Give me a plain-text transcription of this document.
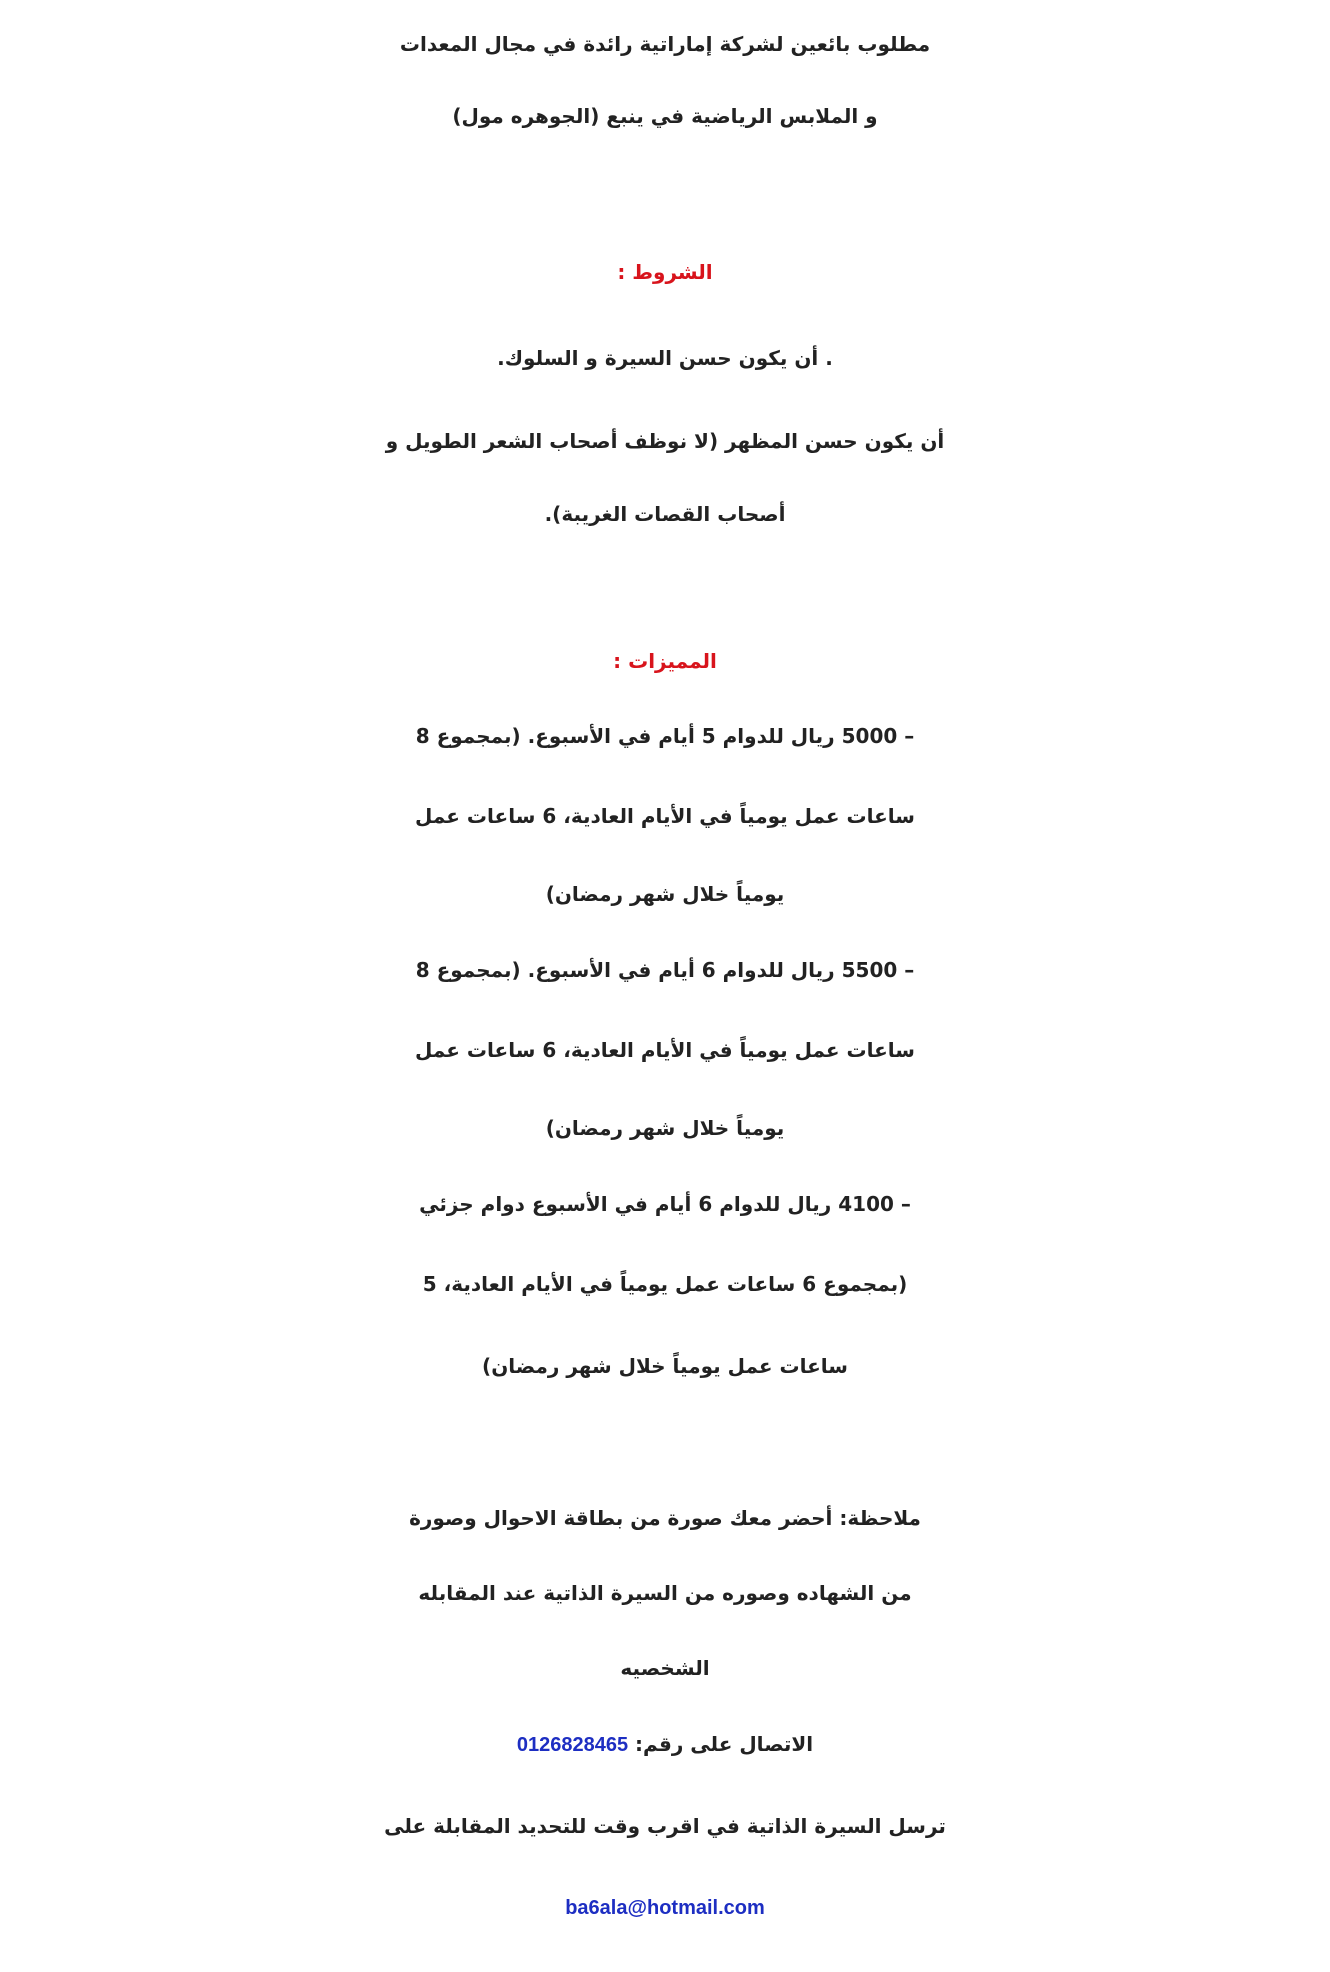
مطلوب بائعين لشركة إماراتية رائدة في مجال المعدات
و الملابس الرياضية في ينبع (الجوهره مول)
الشروط :
. أن يكون حسن السيرة و السلوك.
أن يكون حسن المظهر (لا نوظف أصحاب الشعر الطويل و
أصحاب القصات الغريبة).
المميزات :
– 5000 ريال للدوام 5 أيام في الأسبوع. (بمجموع 8
ساعات عمل يومياً في الأيام العادية، 6 ساعات عمل
يومياً خلال شهر رمضان)
– 5500 ريال للدوام 6 أيام في الأسبوع. (بمجموع 8
ساعات عمل يومياً في الأيام العادية، 6 ساعات عمل
يومياً خلال شهر رمضان)
– 4100 ريال للدوام 6 أيام في الأسبوع دوام جزئي
(بمجموع 6 ساعات عمل يومياً في الأيام العادية، 5
ساعات عمل يومياً خلال شهر رمضان)
ملاحظة: أحضر معك صورة من بطاقة الاحوال وصورة
من الشهاده وصوره من السيرة الذاتية عند المقابله
الشخصيه
الاتصال على رقم: 0126828465
ترسل السيرة الذاتية في اقرب وقت للتحديد المقابلة على
ba6ala@hotmail.com
